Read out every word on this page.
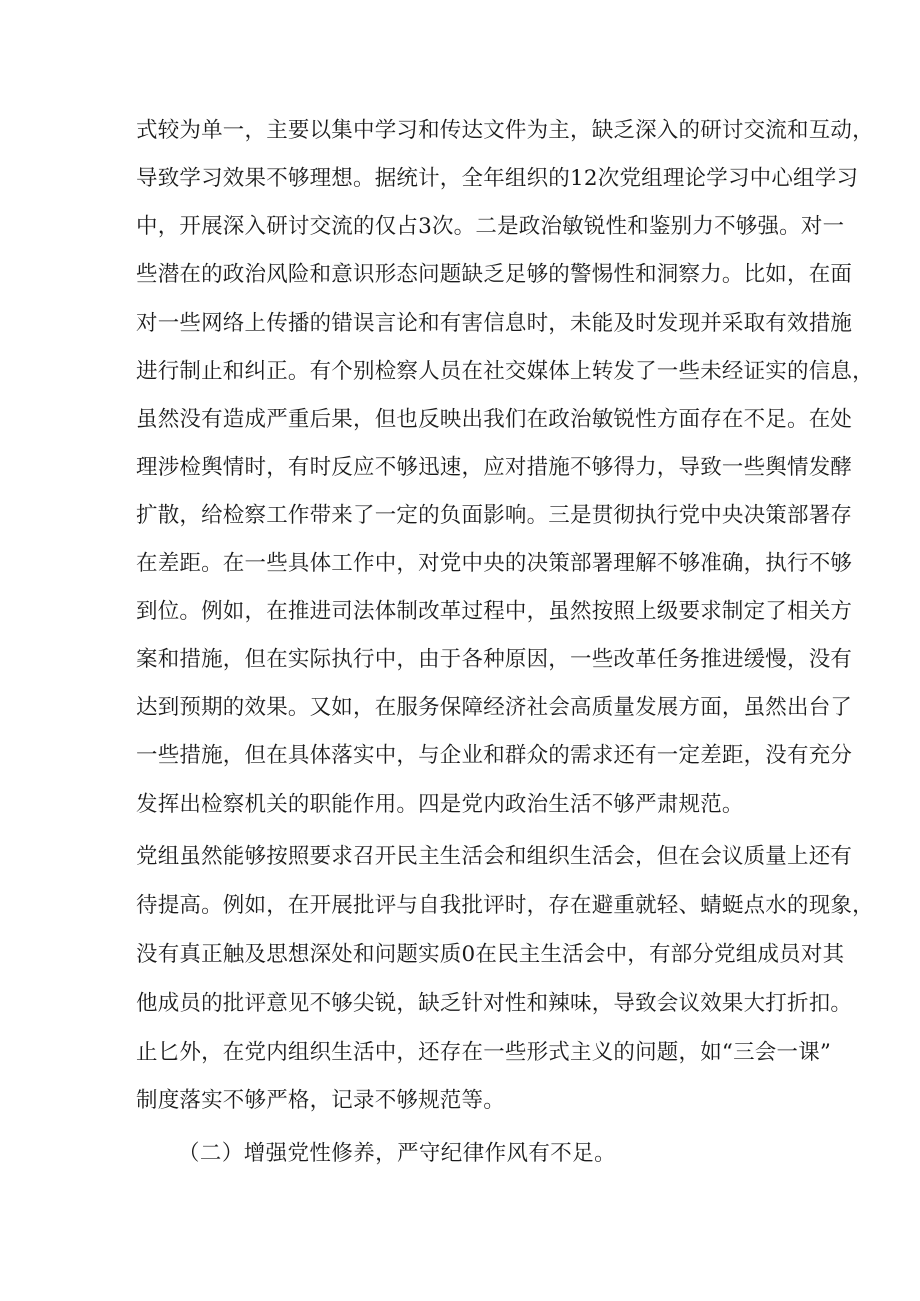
式较为单一，主要以集中学习和传达文件为主，缺乏深入的研讨交流和互动，
导致学习效果不够理想。据统计，全年组织的12次党组理论学习中心组学习
中，开展深入研讨交流的仅占3次。二是政治敏锐性和鉴别力不够强。对一
些潜在的政治风险和意识形态问题缺乏足够的警惕性和洞察力。比如，在面
对一些网络上传播的错误言论和有害信息时，未能及时发现并采取有效措施
进行制止和纠正。有个别检察人员在社交媒体上转发了一些未经证实的信息，
虽然没有造成严重后果，但也反映出我们在政治敏锐性方面存在不足。在处
理涉检舆情时，有时反应不够迅速，应对措施不够得力，导致一些舆情发酵
扩散，给检察工作带来了一定的负面影响。三是贯彻执行党中央决策部署存
在差距。在一些具体工作中，对党中央的决策部署理解不够准确，执行不够
到位。例如，在推进司法体制改革过程中，虽然按照上级要求制定了相关方
案和措施，但在实际执行中，由于各种原因，一些改革任务推进缓慢，没有
达到预期的效果。又如，在服务保障经济社会高质量发展方面，虽然出台了
一些措施，但在具体落实中，与企业和群众的需求还有一定差距，没有充分
发挥出检察机关的职能作用。四是党内政治生活不够严肃规范。
党组虽然能够按照要求召开民主生活会和组织生活会，但在会议质量上还有
待提高。例如，在开展批评与自我批评时，存在避重就轻、蜻蜓点水的现象，
没有真正触及思想深处和问题实质0在民主生活会中，有部分党组成员对其
他成员的批评意见不够尖锐，缺乏针对性和辣味，导致会议效果大打折扣。
止匕外，在党内组织生活中，还存在一些形式主义的问题，如“三会一课”
制度落实不够严格，记录不够规范等。
（二）增强党性修养，严守纪律作风有不足。
